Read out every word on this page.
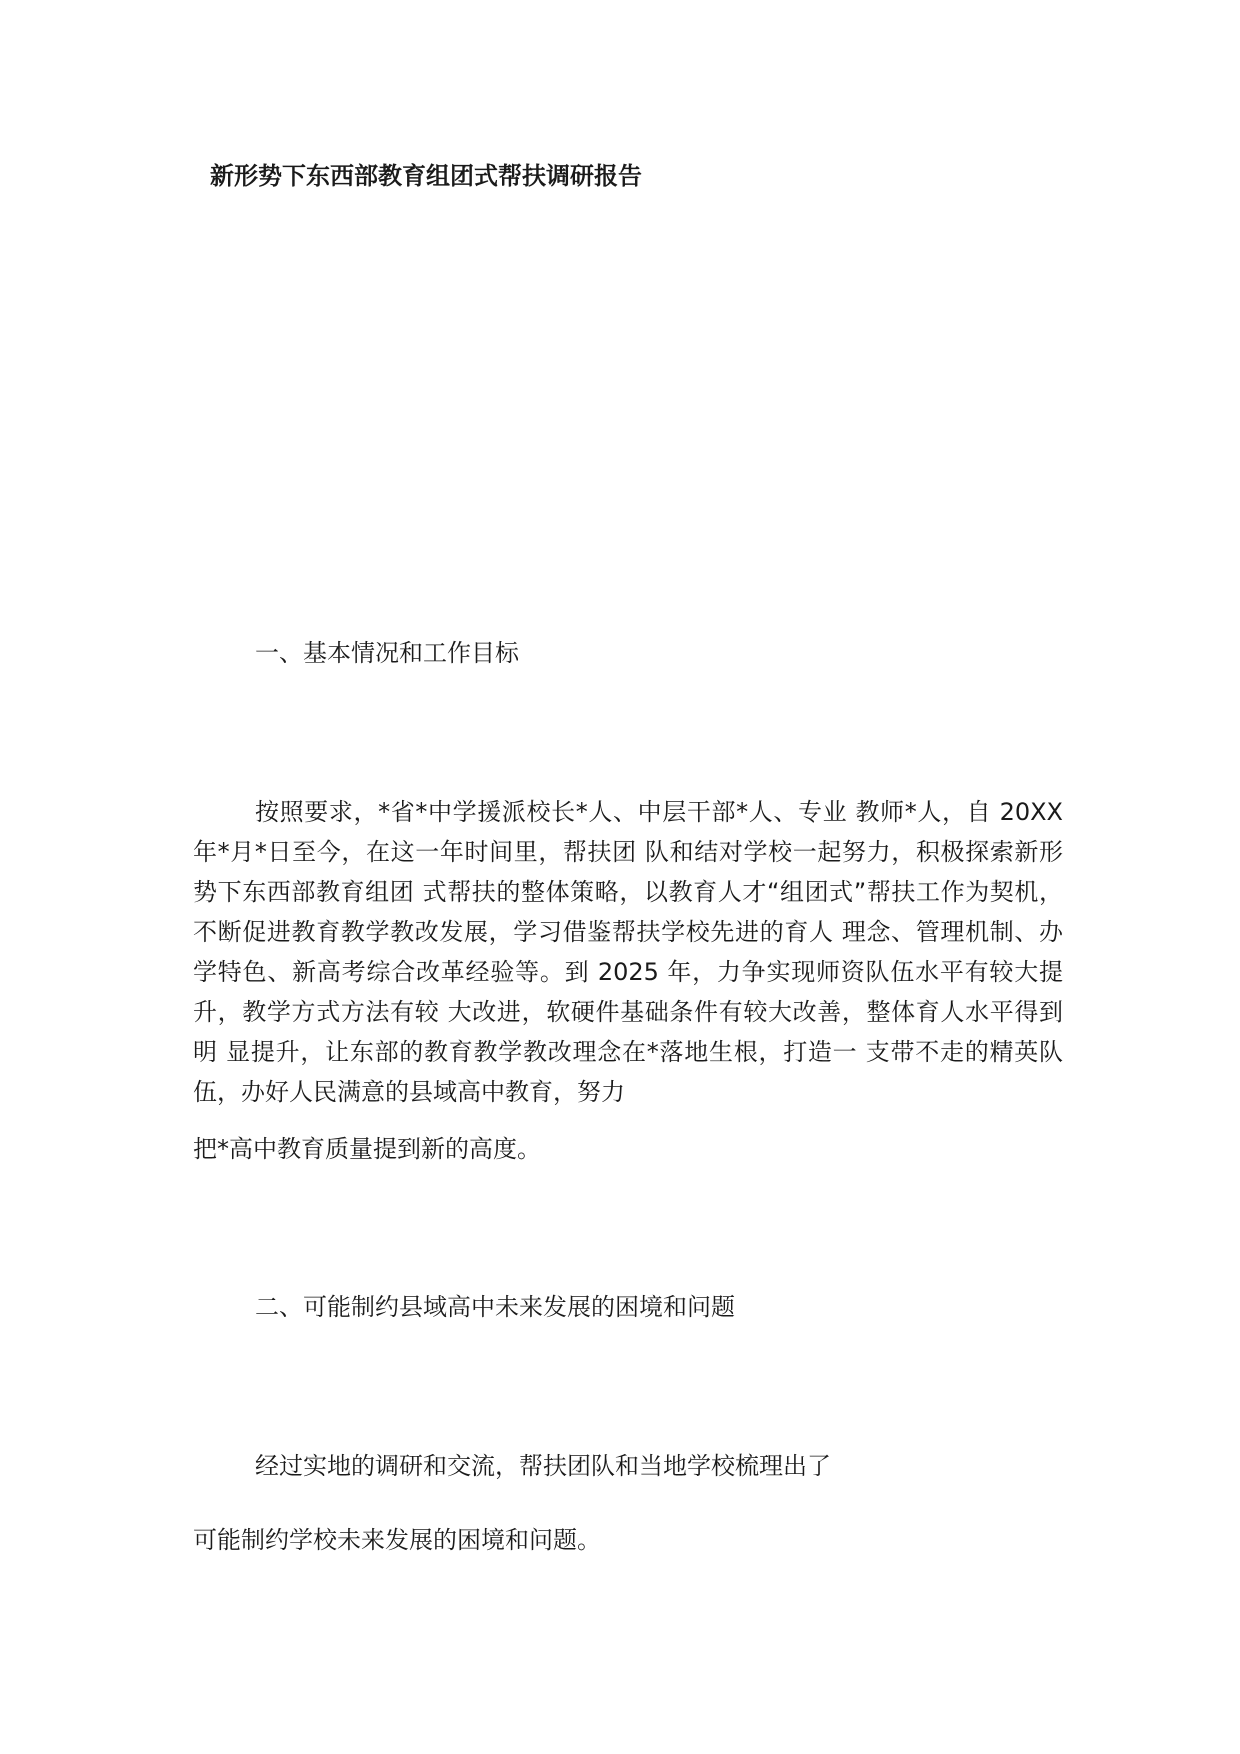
新形势下东西部教育组团式帮扶调研报告
一、基本情况和工作目标

按照要求，*省*中学援派校长*人、中层干部*人、专业 教师*人，自 20XX 年*月*日至今，在这一年时间里，帮扶团 队和结对学校一起努力，积极探索新形势下东西部教育组团 式帮扶的整体策略，以教育人才“组团式”帮扶工作为契机， 不断促进教育教学教改发展，学习借鉴帮扶学校先进的育人 理念、管理机制、办学特色、新高考综合改革经验等。到 2025 年，力争实现师资队伍水平有较大提升，教学方式方法有较 大改进，软硬件基础条件有较大改善，整体育人水平得到明 显提升，让东部的教育教学教改理念在*落地生根，打造一 支带不走的精英队伍，办好人民满意的县域高中教育，努力

把*高中教育质量提到新的高度。
二、可能制约县域高中未来发展的困境和问题
经过实地的调研和交流，帮扶团队和当地学校梳理出了
可能制约学校未来发展的困境和问题。
